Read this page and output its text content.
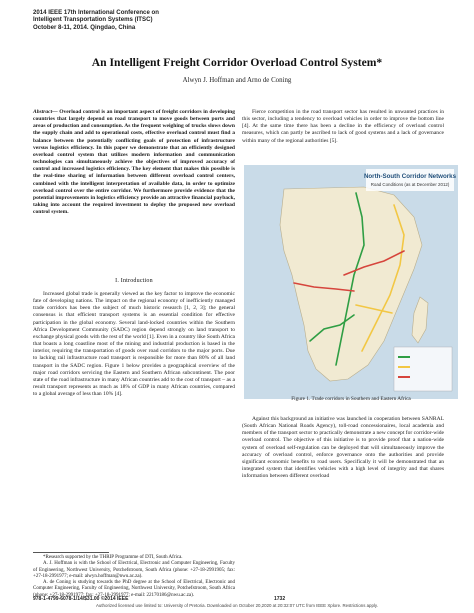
2014 IEEE 17th International Conference on
Intelligent Transportation Systems (ITSC)
October 8-11, 2014. Qingdao, China
An Intelligent Freight Corridor Overload Control System*
Alwyn J. Hoffman and Arno de Coning

Abstract— Overload control is an important aspect of freight corridors in developing countries that largely depend on road transport to move goods between ports and areas of production and consumption. As the frequent weighing of trucks slows down the supply chain and add to operational costs, effective overload control must find a balance between the potentially conflicting goals of protection of infrastructure versus logistics efficiency. In this paper we demonstrate that an efficiently designed overload control system that utilizes modern information and communication technologies can simultaneously achieve the objectives of improved accuracy of control and increased logistics efficiency. The key element that makes this possible is the real-time sharing of information between different overload control centers, combined with the intelligent interpretation of available data, in order to optimize overload control over the entire corridor. We furthermore provide evidence that the potential improvements in logistics efficiency provide an attractive financial payback, taking into account the required investment to deploy the proposed new overload control system.

I. Introduction

Increased global trade is generally viewed as the key factor to improve the economic fate of developing nations. The impact on the regional economy of inefficiently managed trade corridors has been the subject of much historic research [1, 2, 3]; the general consensus is that efficient transport systems is an essential condition for effective participation in the global economy. Several land-locked countries within the Southern Africa Development Community (SADC) region depend strongly on land transport to exchange physical goods with the rest of the world [1]. Even in a country like South Africa that boasts a long coastline most of the mining and industrial production is based in the interior, requiring the transportation of goods over road corridors to the major ports. Due to lacking rail infrastructure road transport is responsible for more than 80% of all land transport in the SADC region. Figure 1 below provides a geographical overview of the major road corridors servicing the Eastern and Southern African subcontinent. The poor state of the road infrastructure in many African countries add to the cost of transport – as a result transport represents as much as 18% of GDP in many African countries, compared to a global average of less than 10% [4].

*Research supported by the THRIP Programme of DTI, South Africa.

A. J. Hoffman is with the School of Electrical, Electronic and Computer Engineering, Faculty of Engineering, Northwest University, Potchefstroom, South Africa (phone: +27-18-2991905; fax: +27-18-2991977; e-mail: alwyn.hoffman@nwu.ac.za).

A. de Coning is studying towards the PhD degree at the School of Electrical, Electronic and Computer Engineering, Faculty of Engineering, Northwest University, Potchefstroom, South Africa (phone: +27-18-2991977; fax: +27-18-2991977; e-mail: 22170186@nwu.ac.za).

Fierce competition in the road transport sector has resulted in unwanted practices in this sector, including a tendency to overload vehicles in order to improve the bottom line [4]. At the same time there has been a decline in the efficiency of overload control measures, which can partly be ascribed to lack of good systems and a lack of governance within many of the regional authorities [5].

North-South Corridor Networks
Road Conditions (as at December 2012)
Figure 1. Trade corridors in Southern and Eastern Africa

Against this background an initiative was launched in cooperation between SANRAL (South African National Roads Agency), toll-road concessionaires, local academia and members of the transport sector to practically demonstrate a new concept for corridor-wide overload control. The objective of this initiative is to provide proof that a nation-wide system of overload self-regulation can be deployed that will simultaneously improve the accuracy of overload control, enforce governance onto the authorities and provide significant economic benefits to road users. Specifically it will be demonstrated that an integrated system that identifies vehicles with a high level of integrity and that shares information between different overload

978-1-4799-6078-1/14/$31.00 ©2014 IEEE	1732
Authorized licensed use limited to: University of Pretoria. Downloaded on October 20,2020 at 20:32:07 UTC from IEEE Xplore. Restrictions apply.
